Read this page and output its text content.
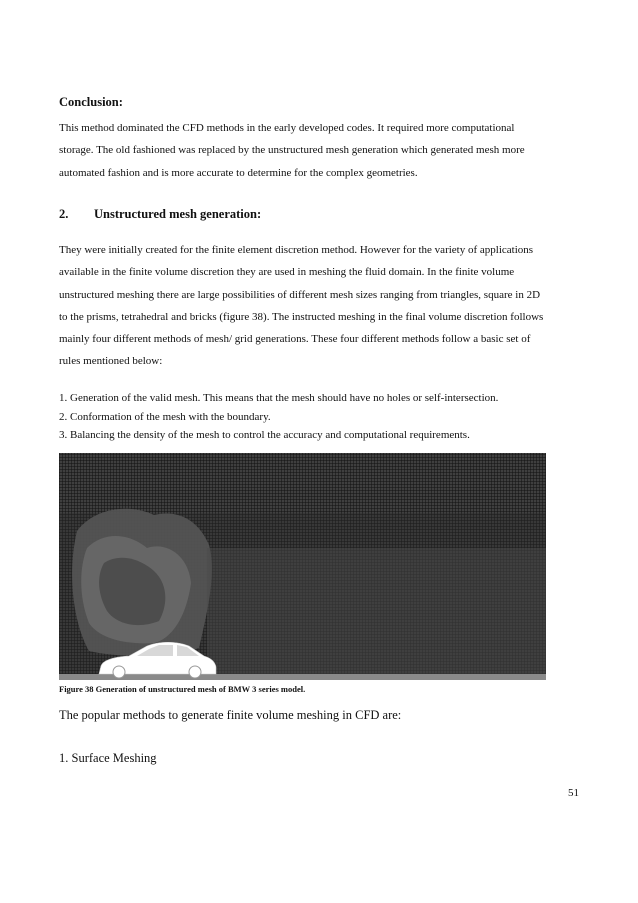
Conclusion:
This method dominated the CFD methods in the early developed codes. It required more computational
storage. The old fashioned was replaced by the unstructured mesh generation which generated mesh more
automated fashion and is more accurate to determine for the complex geometries.
2. Unstructured mesh generation:
They were initially created for the finite element discretion method. However for the variety of applications
available in the finite volume discretion they are used in meshing the fluid domain. In the finite volume
unstructured meshing there are large possibilities of different mesh sizes ranging from triangles, square in 2D
to the prisms, tetrahedral and bricks (figure 38). The instructed meshing in the final volume discretion follows
mainly four different methods of mesh/ grid generations. These four different methods follow a basic set of
rules mentioned below:
1. Generation of the valid mesh. This means that the mesh should have no holes or self-intersection.
2. Conformation of the mesh with the boundary.
3. Balancing the density of the mesh to control the accuracy and computational requirements.
Figure 38 Generation of unstructured mesh of BMW 3 series model.
The popular methods to generate finite volume meshing in CFD are:
1. Surface Meshing
51
